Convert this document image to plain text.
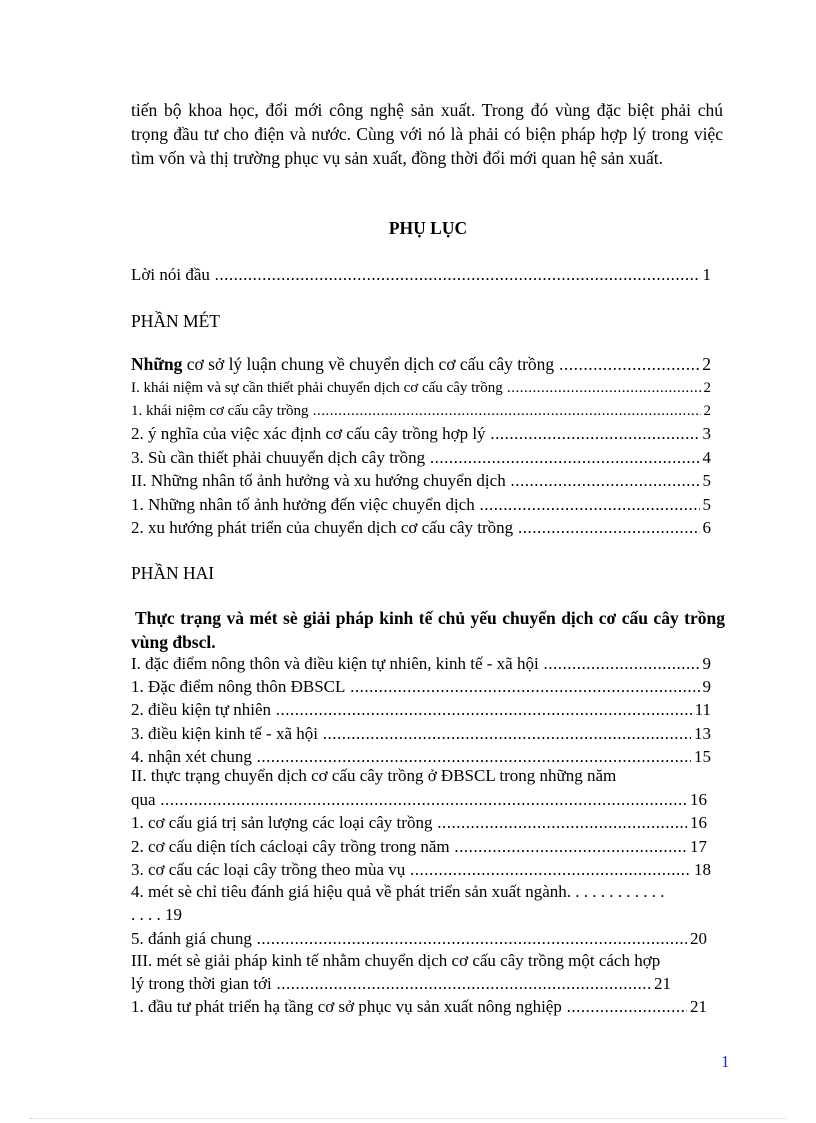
tiến bộ khoa học, đổi mới công nghệ sản xuất. Trong đó vùng đặc biệt phải chú trọng đầu tư cho điện và nước. Cùng với nó là phải có biện pháp hợp lý trong việc tìm vốn và thị trường phục vụ sản xuất, đồng thời đổi mới quan hệ sản xuất.

PHỤ LỤC
Lời nói đầu .....	1
PHẦN MÉT
Những cơ sở lý luận chung về chuyển dịch cơ cấu cây trồng .....	2
I. khái niệm và sự cần thiết phải chuyển dịch cơ cấu cây trồng .....	2
1. khái niệm cơ cấu cây trồng .....	2
2. ý nghĩa của việc xác định cơ cấu cây trồng hợp lý .....	3
3. Sù cần thiết phải chuuyển dịch cây trồng .....	4
II. Những nhân tố ảnh hưởng và xu hướng chuyển dịch .....	5
1. Những nhân tố ảnh hưởng đến việc chuyển dịch .....	5
2. xu hướng phát triển của chuyển dịch cơ cấu cây trồng .....	6
PHẦN HAI

Thực trạng và mét sè giải pháp kinh tế chủ yếu chuyển dịch cơ cấu cây trồng vùng đbscl.

I. đặc điểm nông thôn và điều kiện tự nhiên, kinh tế - xã hội .....	9
1. Đặc điểm nông thôn ĐBSCL .....	9
2. điều kiện tự nhiên .....	11
3. điều kiện kinh tế - xã hội .....	13
4. nhận xét chung .....	15
II. thực trạng chuyển dịch cơ cấu cây trồng ở ĐBSCL trong những năm
qua .....	16
1. cơ cấu giá trị sản lượng các loại cây trồng .....	16
2. cơ cấu diện tích cácloại cây trồng trong năm .....	17
3. cơ cấu các loại cây trồng theo mùa vụ .....	18
4. mét sè chỉ tiêu đánh giá hiệu quả về phát triển sản xuất ngành. . . . . . . . . . . .
. . . . 19
5. đánh giá chung .....	20
III. mét sè giải pháp kinh tế nhằm chuyển dịch cơ cấu cây trồng một cách hợp
lý trong thời gian tới .....	21
1. đầu tư phát triển hạ tầng cơ sở phục vụ sản xuất nông nghiệp .....	21
1
